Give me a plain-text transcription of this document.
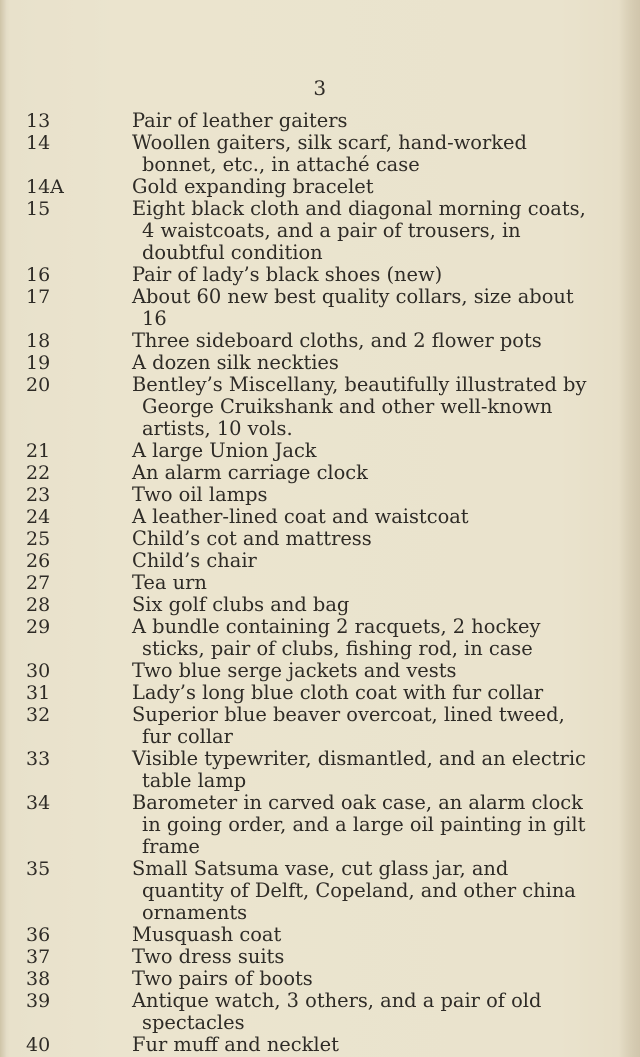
3
13	Pair of leather gaiters
14	Woollen gaiters, silk scarf, hand-worked bonnet, etc., in attaché case
14A	Gold expanding bracelet
15	Eight black cloth and diagonal morning coats, 4 waistcoats, and a pair of trousers, in doubtful condition
16	Pair of lady’s black shoes (new)
17	About 60 new best quality collars, size about 16
18	Three sideboard cloths, and 2 flower pots
19	A dozen silk neckties
20	Bentley’s Miscellany, beautifully illustrated by George Cruikshank and other well-known artists, 10 vols.
21	A large Union Jack
22	An alarm carriage clock
23	Two oil lamps
24	A leather-lined coat and waistcoat
25	Child’s cot and mattress
26	Child’s chair
27	Tea urn
28	Six golf clubs and bag
29	A bundle containing 2 racquets, 2 hockey sticks, pair of clubs, fishing rod, in case
30	Two blue serge jackets and vests
31	Lady’s long blue cloth coat with fur collar
32	Superior blue beaver overcoat, lined tweed, fur collar
33	Visible typewriter, dismantled, and an electric table lamp
34	Barometer in carved oak case, an alarm clock in going order, and a large oil painting in gilt frame
35	Small Satsuma vase, cut glass jar, and quantity of Delft, Copeland, and other china ornaments
36	Musquash coat
37	Two dress suits
38	Two pairs of boots
39	Antique watch, 3 others, and a pair of old spectacles
40	Fur muff and necklet
